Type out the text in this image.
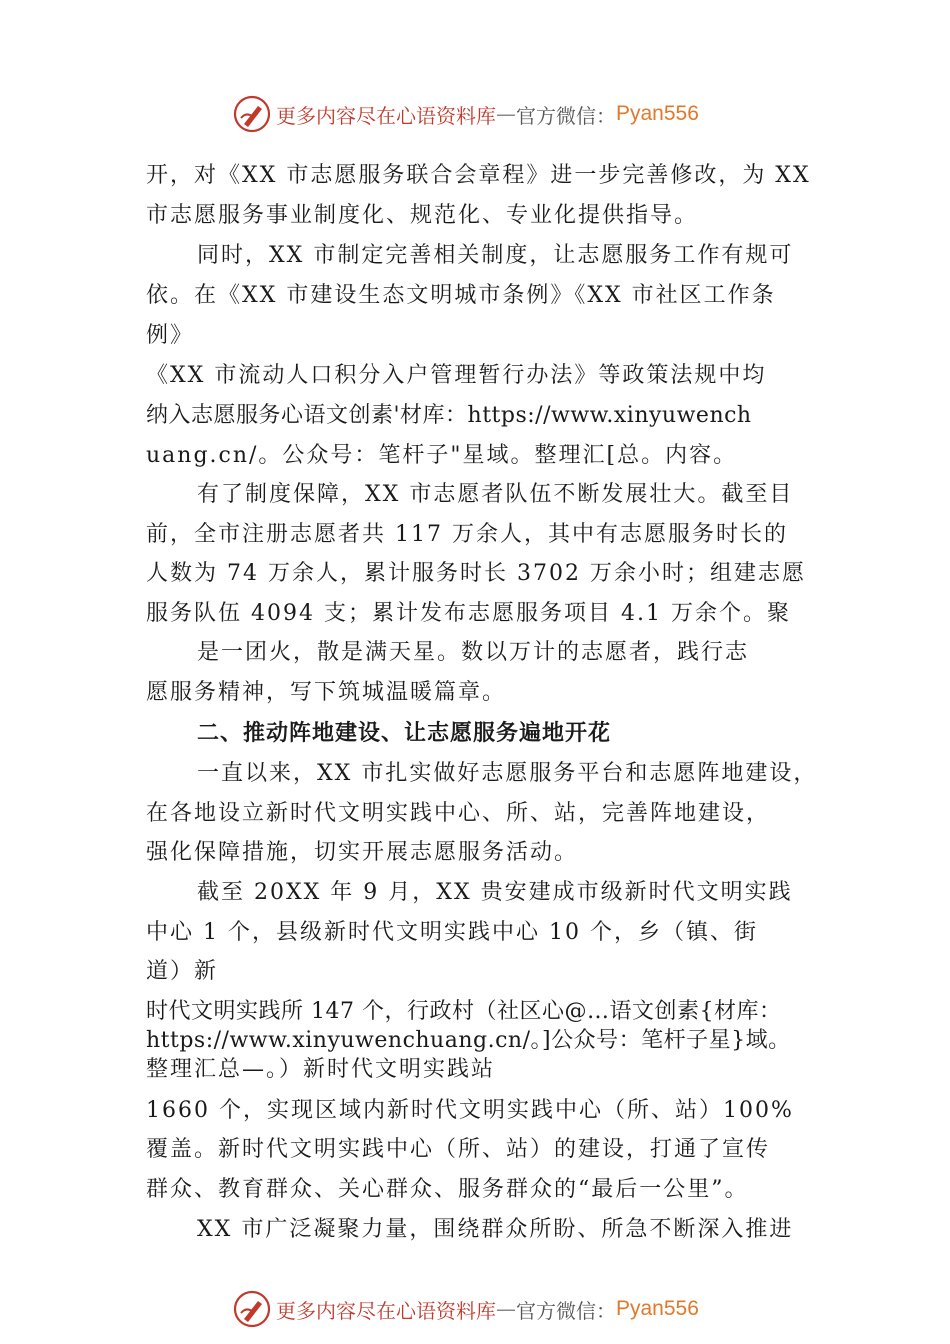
更多内容尽在心语资料库 — 官方微信： Pyan556
开，对《XX 市志愿服务联合会章程》进一步完善修改，为 XX
市志愿服务事业制度化、规范化、专业化提供指导。
同时，XX 市制定完善相关制度，让志愿服务工作有规可
依。在《XX 市建设生态文明城市条例》《XX 市社区工作条
例》
《XX 市流动人口积分入户管理暂行办法》等政策法规中均
纳入志愿服务心语文创素'材库：https://www.xinyuwench
uang.cn/。公众号：笔杆子"星域。整理汇[总。内容。
有了制度保障，XX 市志愿者队伍不断发展壮大。截至目
前，全市注册志愿者共 117 万余人，其中有志愿服务时长的
人数为 74 万余人，累计服务时长 3702 万余小时；组建志愿
服务队伍 4094 支；累计发布志愿服务项目 4.1 万余个。聚
是一团火，散是满天星。数以万计的志愿者，践行志
愿服务精神，写下筑城温暖篇章。
二、推动阵地建设、让志愿服务遍地开花
一直以来，XX 市扎实做好志愿服务平台和志愿阵地建设，
在各地设立新时代文明实践中心、所、站，完善阵地建设，
强化保障措施，切实开展志愿服务活动。
截至 20XX 年 9 月，XX 贵安建成市级新时代文明实践
中心 1 个，县级新时代文明实践中心 10 个，乡（镇、街
道）新
时代文明实践所 147 个，行政村（社区心@…语文创素{材库：
https://www.xinyuwenchuang.cn/。]公众号：笔杆子星}域。
整理汇总—。）新时代文明实践站
1660 个，实现区域内新时代文明实践中心（所、站）100%
覆盖。新时代文明实践中心（所、站）的建设，打通了宣传
群众、教育群众、关心群众、服务群众的“最后一公里”。
XX 市广泛凝聚力量，围绕群众所盼、所急不断深入推进
更多内容尽在心语资料库 — 官方微信： Pyan556
